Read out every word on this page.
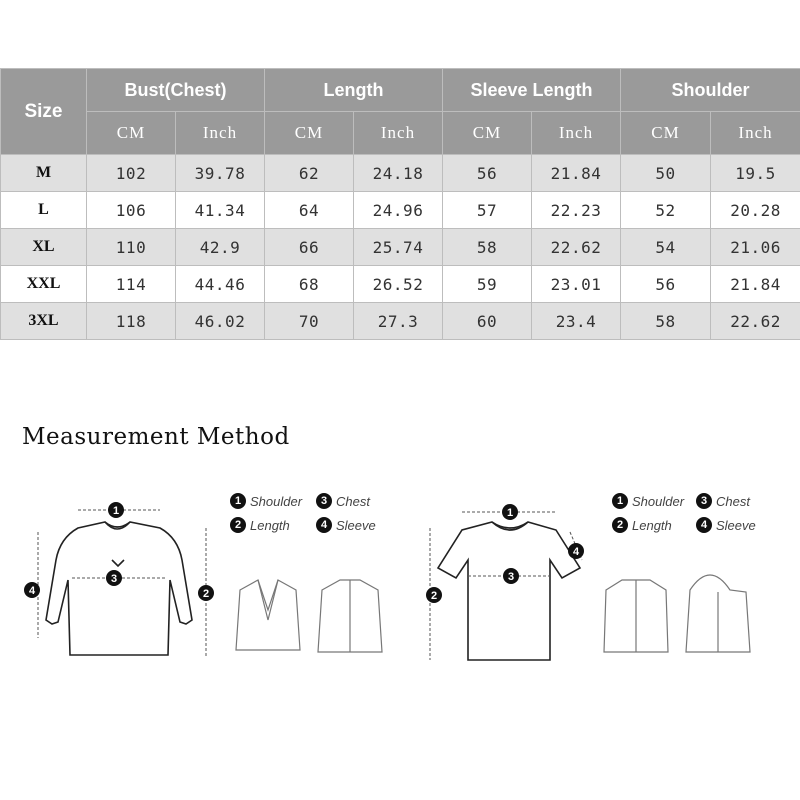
Size	Bust(Chest)		Length		Sleeve Length		Shoulder	
	CM	Inch	CM	Inch	CM	Inch	CM	Inch
M	102	39.78	62	24.18	56	21.84	50	19.5
L	106	41.34	64	24.96	57	22.23	52	20.28
XL	110	42.9	66	25.74	58	22.62	54	21.06
XXL	114	44.46	68	26.52	59	23.01	56	21.84
3XL	118	46.02	70	27.3	60	23.4	58	22.62
Measurement Method
1
2
3
4
1 Shoulder	3 Chest
2 Length	4 Sleeve
1
2
3
4
1 Shoulder	3 Chest
2 Length	4 Sleeve
